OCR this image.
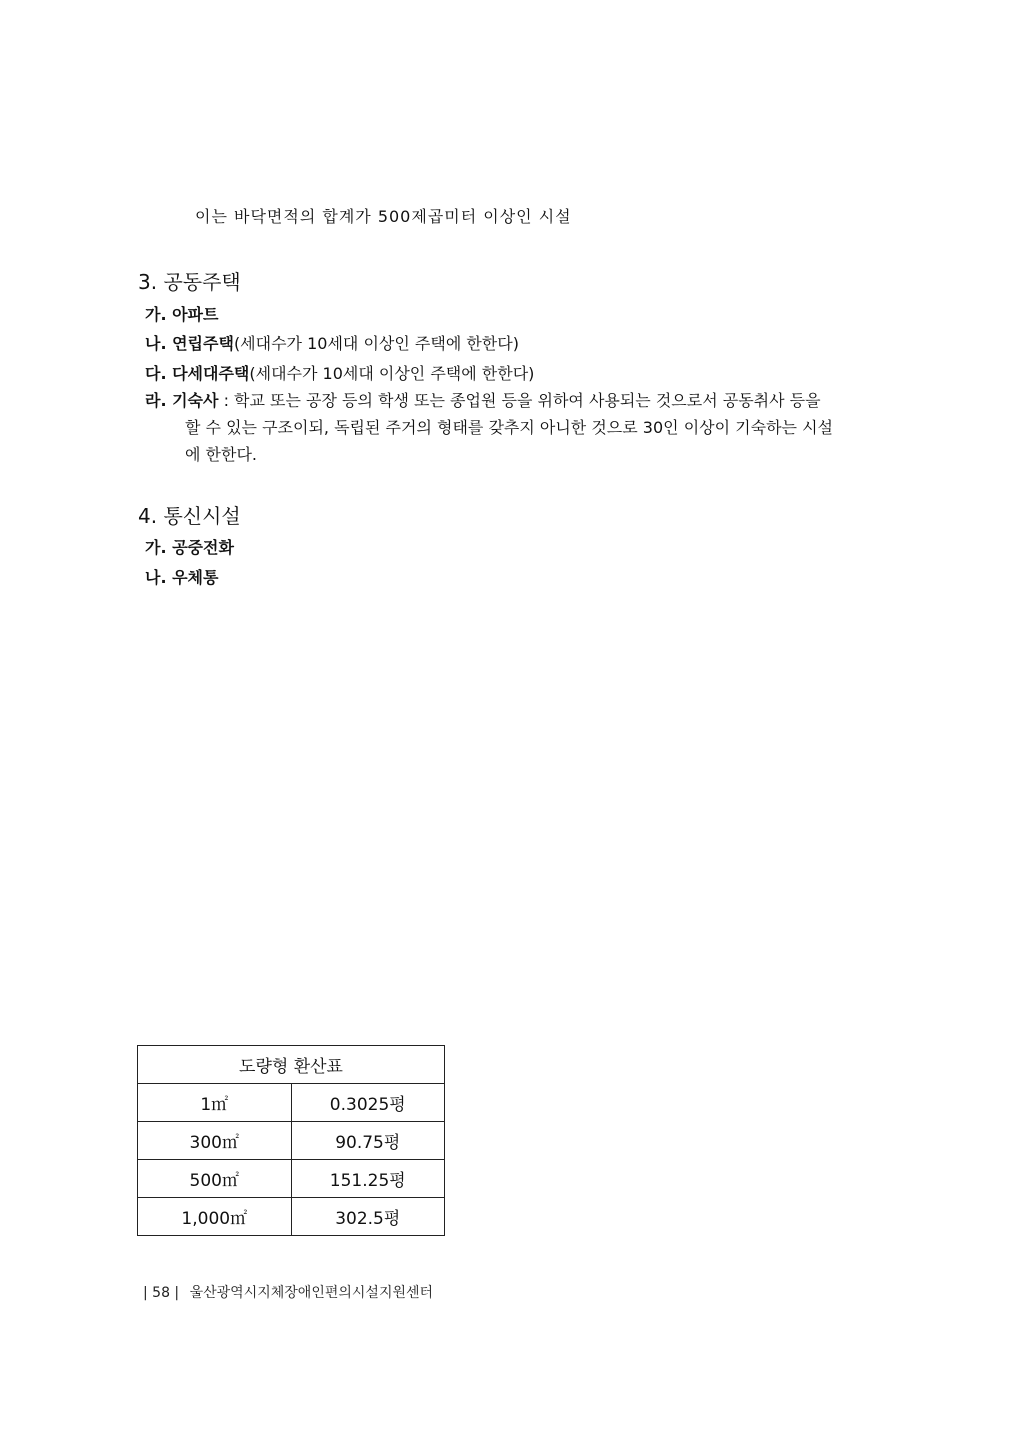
이는 바닥면적의 합계가 500제곱미터 이상인 시설
3. 공동주택
가. 아파트
나. 연립주택(세대수가 10세대 이상인 주택에 한한다)
다. 다세대주택(세대수가 10세대 이상인 주택에 한한다)
라. 기숙사 : 학교 또는 공장 등의 학생 또는 종업원 등을 위하여 사용되는 것으로서 공동취사 등을
할 수 있는 구조이되, 독립된 주거의 형태를 갖추지 아니한 것으로 30인 이상이 기숙하는 시설
에 한한다.
4. 통신시설
가. 공중전화
나. 우체통
도량형 환산표	
1㎡	0.3025평
300㎡	90.75평
500㎡	151.25평
1,000㎡	302.5평
| 58 | 울산광역시지체장애인편의시설지원센터
